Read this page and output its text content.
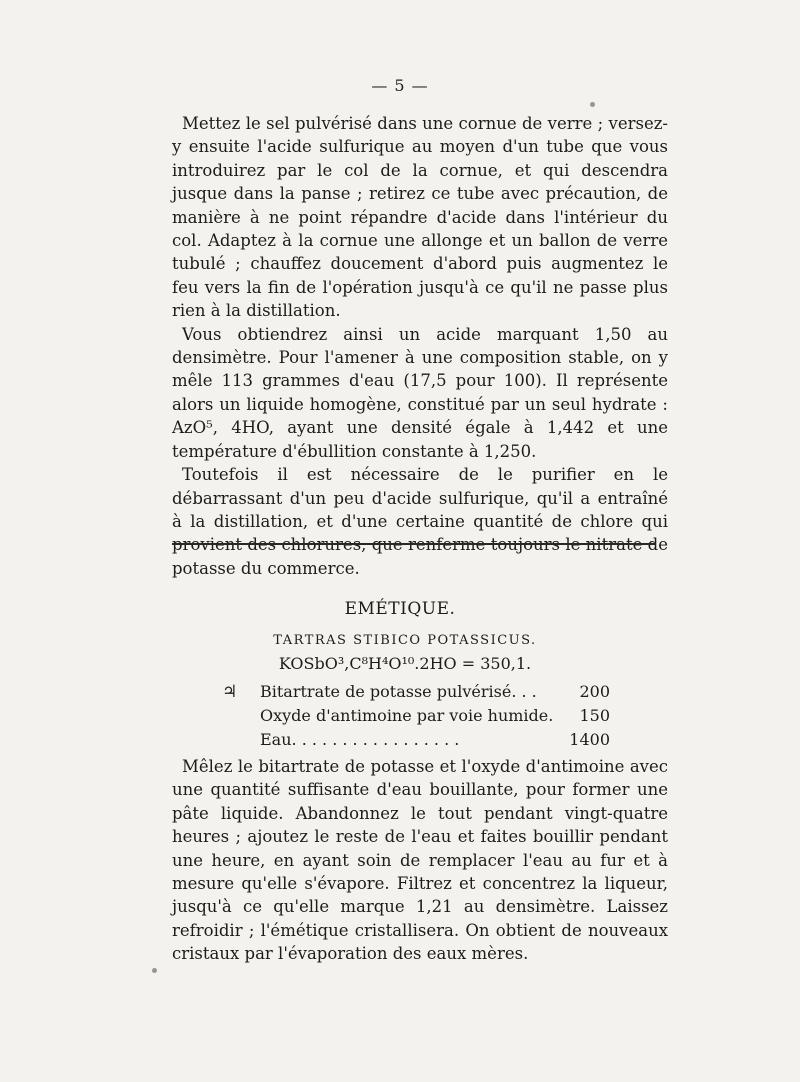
— 5 —

Mettez le sel pulvérisé dans une cornue de verre ; versez-y ensuite l'acide sulfurique au moyen d'un tube que vous introduirez par le col de la cornue, et qui descendra jusque dans la panse ; retirez ce tube avec précaution, de manière à ne point répandre d'acide dans l'intérieur du col. Adaptez à la cornue une allonge et un ballon de verre tubulé ; chauffez doucement d'abord puis augmentez le feu vers la fin de l'opération jusqu'à ce qu'il ne passe plus rien à la distillation.

Vous obtiendrez ainsi un acide marquant 1,50 au densimètre. Pour l'amener à une composition stable, on y mêle 113 grammes d'eau (17,5 pour 100). Il représente alors un liquide homogène, constitué par un seul hydrate : AzO⁵, 4HO, ayant une densité égale à 1,442 et une température d'ébullition constante à 1,250.

Toutefois il est nécessaire de le purifier en le débarrassant d'un peu d'acide sulfurique, qu'il a entraîné à la distillation, et d'une certaine quantité de chlore qui provient des chlorures, que renferme toujours le nitrate de potasse du commerce.

EMÉTIQUE.
TARTRAS STIBICO POTASSICUS.
KOSbO³,C⁸H⁴O¹⁰.2HO = 350,1.
♃ Bitartrate de potasse pulvérisé. . .	200
Oxyde d'antimoine par voie humide. 150
Eau. . . . . . . . . . . . . . . . .	1400

Mêlez le bitartrate de potasse et l'oxyde d'antimoine avec une quantité suffisante d'eau bouillante, pour former une pâte liquide. Abandonnez le tout pendant vingt-quatre heures ; ajoutez le reste de l'eau et faites bouillir pendant une heure, en ayant soin de remplacer l'eau au fur et à mesure qu'elle s'évapore. Filtrez et concentrez la liqueur, jusqu'à ce qu'elle marque 1,21 au densimètre. Laissez refroidir ; l'émétique cristallisera. On obtient de nouveaux cristaux par l'évaporation des eaux mères.
